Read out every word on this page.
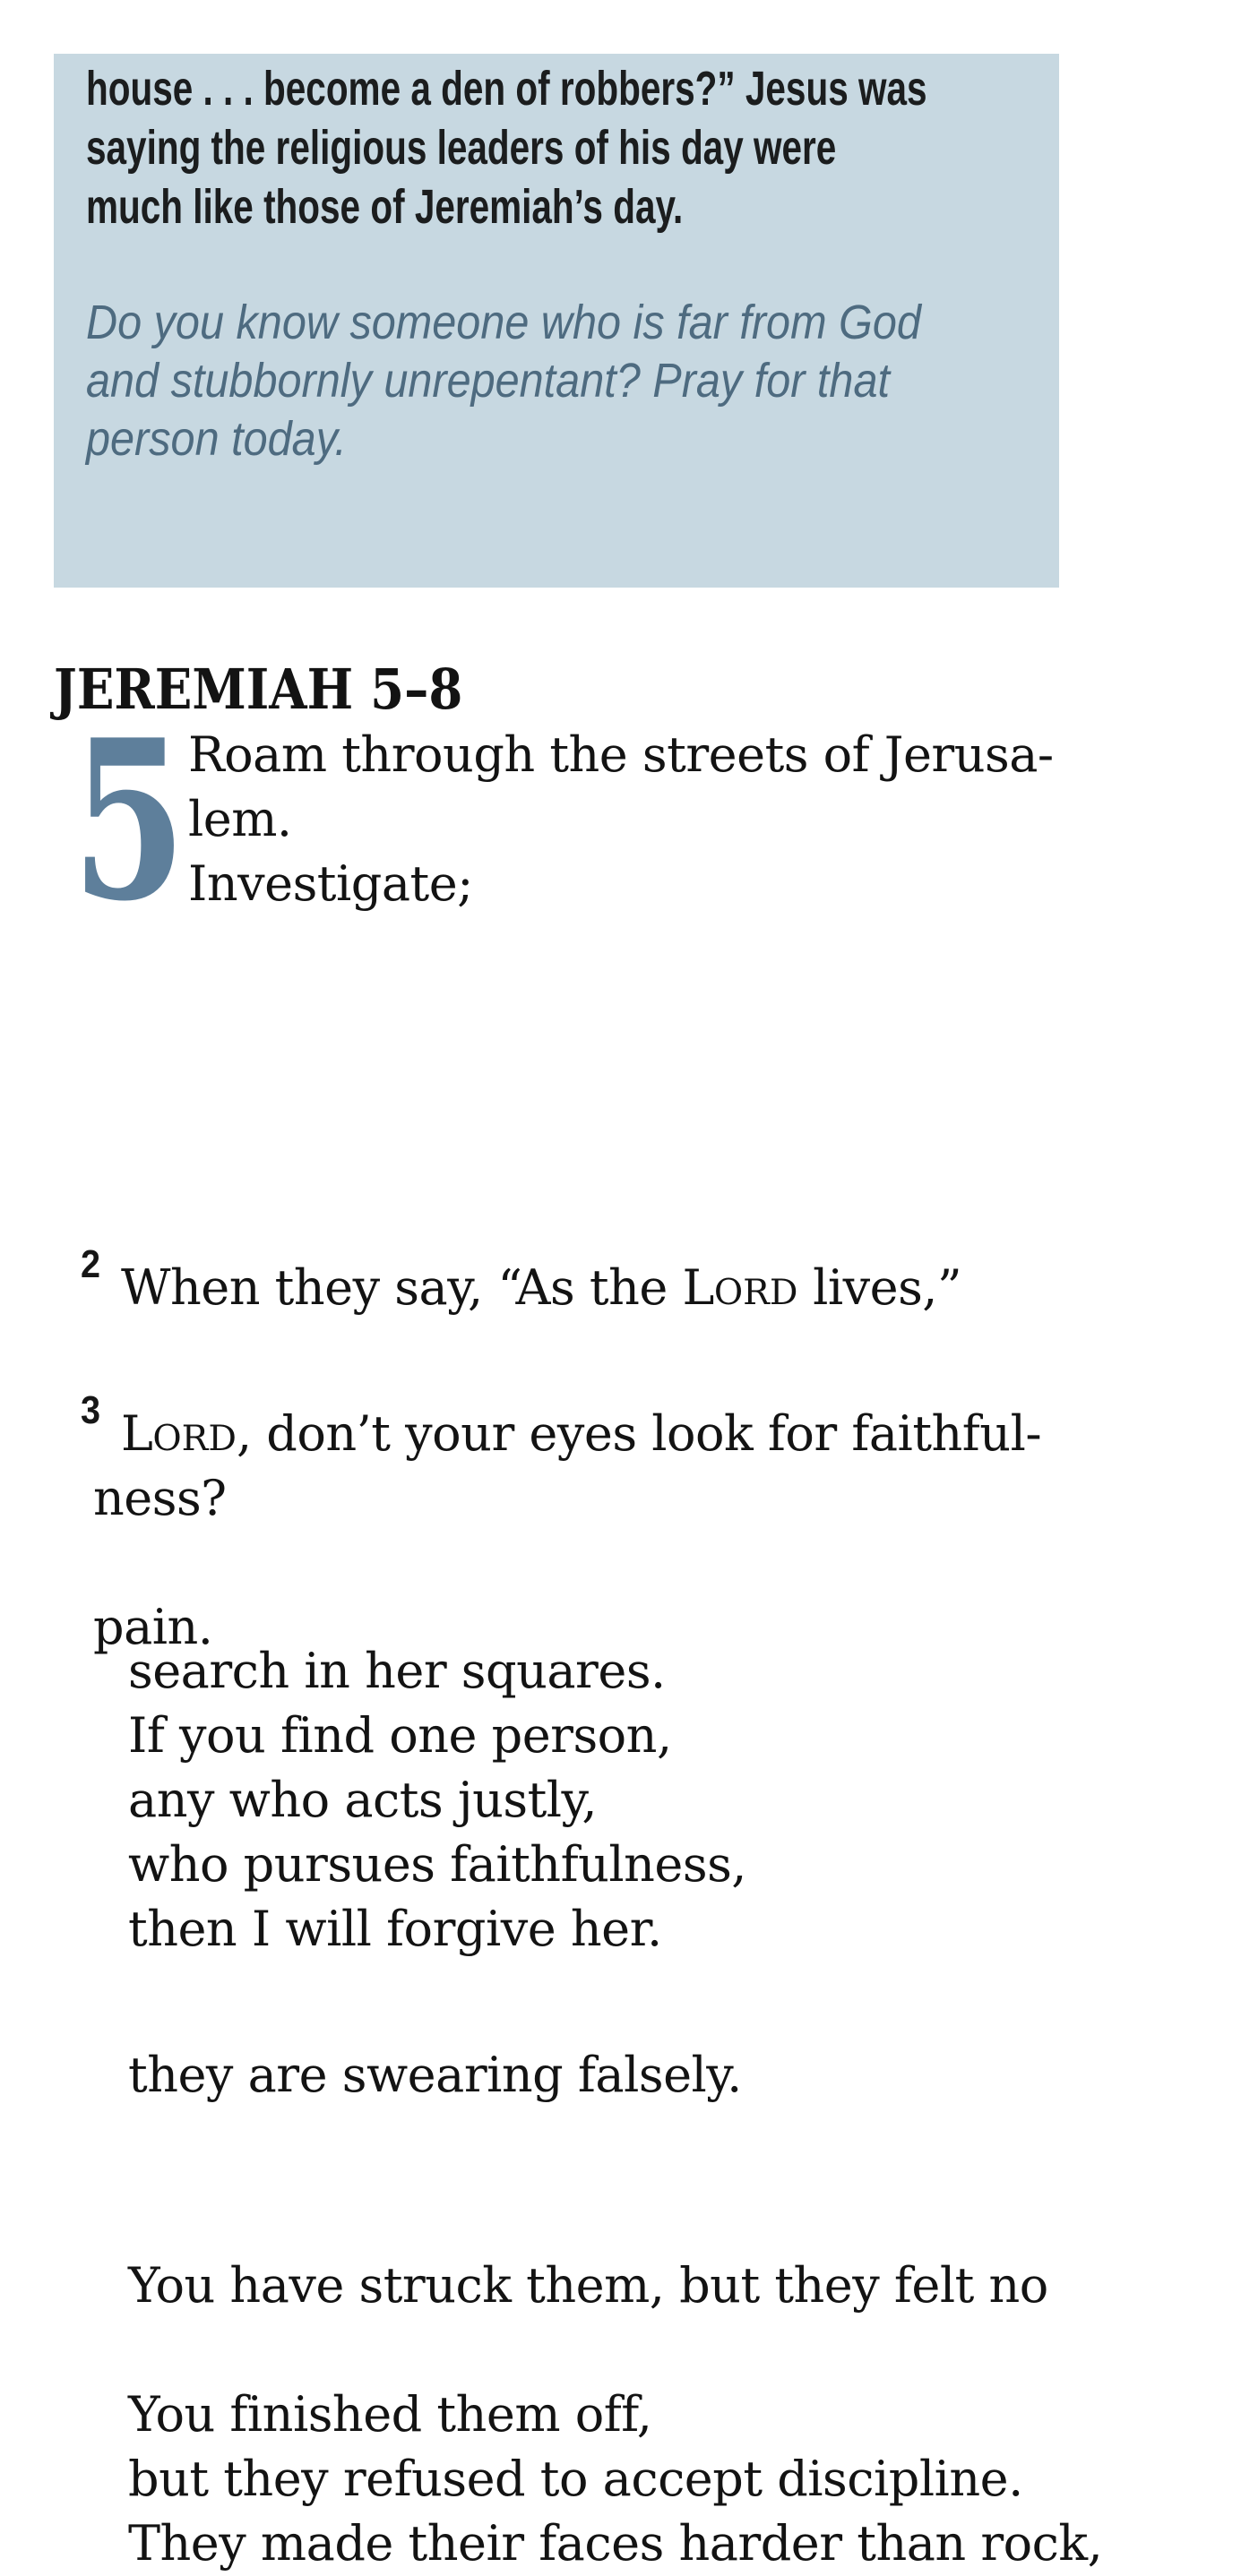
house . . . become a den of robbers?” Jesus was
saying the religious leaders of his day were
much like those of Jeremiah’s day.
Do you know someone who is far from God
and stubbornly unrepentant? Pray for that
person today.
JEREMIAH 5–8
5 Roam through the streets of Jerusa-
lem.
Investigate;
search in her squares.
If you find one person,
any who acts justly,
who pursues faithfulness,
then I will forgive her.
2 When they say, “As the LORD lives,”
they are swearing falsely.
3 LORD, don’t your eyes look for faithful-
ness?
You have struck them, but they felt no
pain.
You finished them off,
but they refused to accept discipline.
They made their faces harder than rock,
